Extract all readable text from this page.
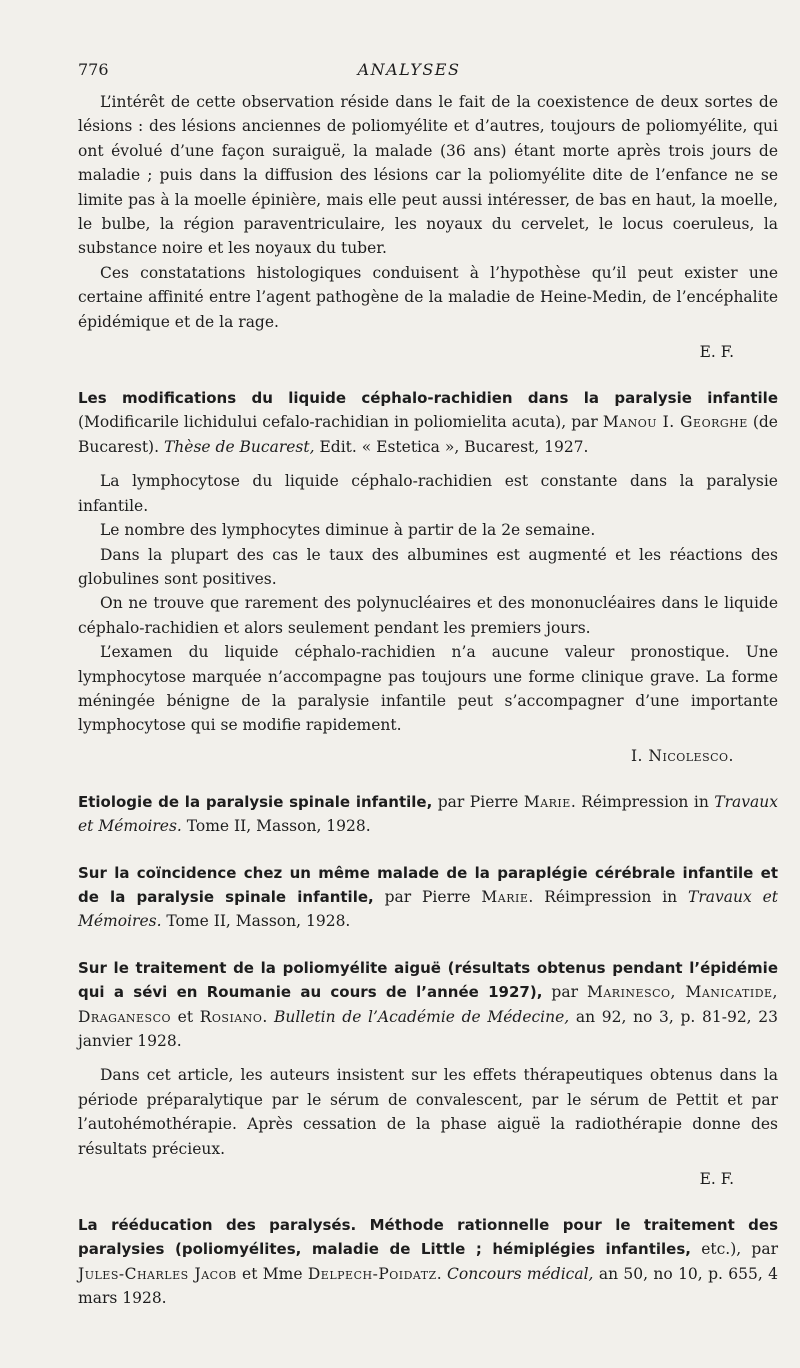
776	ANALYSES

L’intérêt de cette observation réside dans le fait de la coexistence de deux sortes de lésions : des lésions anciennes de poliomyélite et d’autres, toujours de poliomyélite, qui ont évolué d’une façon suraiguë, la malade (36 ans) étant morte après trois jours de maladie ; puis dans la diffusion des lésions car la poliomyélite dite de l’enfance ne se limite pas à la moelle épinière, mais elle peut aussi intéresser, de bas en haut, la moelle, le bulbe, la région paraventriculaire, les noyaux du cervelet, le locus coeruleus, la substance noire et les noyaux du tuber.

Ces constatations histologiques conduisent à l’hypothèse qu’il peut exister une certaine affinité entre l’agent pathogène de la maladie de Heine-Medin, de l’encéphalite épidémique et de la rage.

E. F.
Les modifications du liquide céphalo-rachidien dans la paralysie infantile (Modificarile lichidului cefalo-rachidian in poliomielita acuta), par Manou I. Georghe (de Bucarest). Thèse de Bucarest, Edit. « Estetica », Bucarest, 1927.

La lymphocytose du liquide céphalo-rachidien est constante dans la paralysie infantile.

Le nombre des lymphocytes diminue à partir de la 2e semaine.

Dans la plupart des cas le taux des albumines est augmenté et les réactions des globulines sont positives.

On ne trouve que rarement des polynucléaires et des mononucléaires dans le liquide céphalo-rachidien et alors seulement pendant les premiers jours.

L’examen du liquide céphalo-rachidien n’a aucune valeur pronostique. Une lymphocytose marquée n’accompagne pas toujours une forme clinique grave. La forme méningée bénigne de la paralysie infantile peut s’accompagner d’une importante lymphocytose qui se modifie rapidement.

I. Nicolesco.
Etiologie de la paralysie spinale infantile, par Pierre Marie. Réimpression in Travaux et Mémoires. Tome II, Masson, 1928.
Sur la coïncidence chez un même malade de la paraplégie cérébrale infantile et de la paralysie spinale infantile, par Pierre Marie. Réimpression in Travaux et Mémoires. Tome II, Masson, 1928.
Sur le traitement de la poliomyélite aiguë (résultats obtenus pendant l’épidémie qui a sévi en Roumanie au cours de l’année 1927), par Marinesco, Manicatide, Draganesco et Rosiano. Bulletin de l’Académie de Médecine, an 92, no 3, p. 81-92, 23 janvier 1928.

Dans cet article, les auteurs insistent sur les effets thérapeutiques obtenus dans la période préparalytique par le sérum de convalescent, par le sérum de Pettit et par l’autohémothérapie. Après cessation de la phase aiguë la radiothérapie donne des résultats précieux.

E. F.
La rééducation des paralysés. Méthode rationnelle pour le traitement des paralysies (poliomyélites, maladie de Little ; hémiplégies infantiles, etc.), par Jules-Charles Jacob et Mme Delpech-Poidatz. Concours médical, an 50, no 10, p. 655, 4 mars 1928.
